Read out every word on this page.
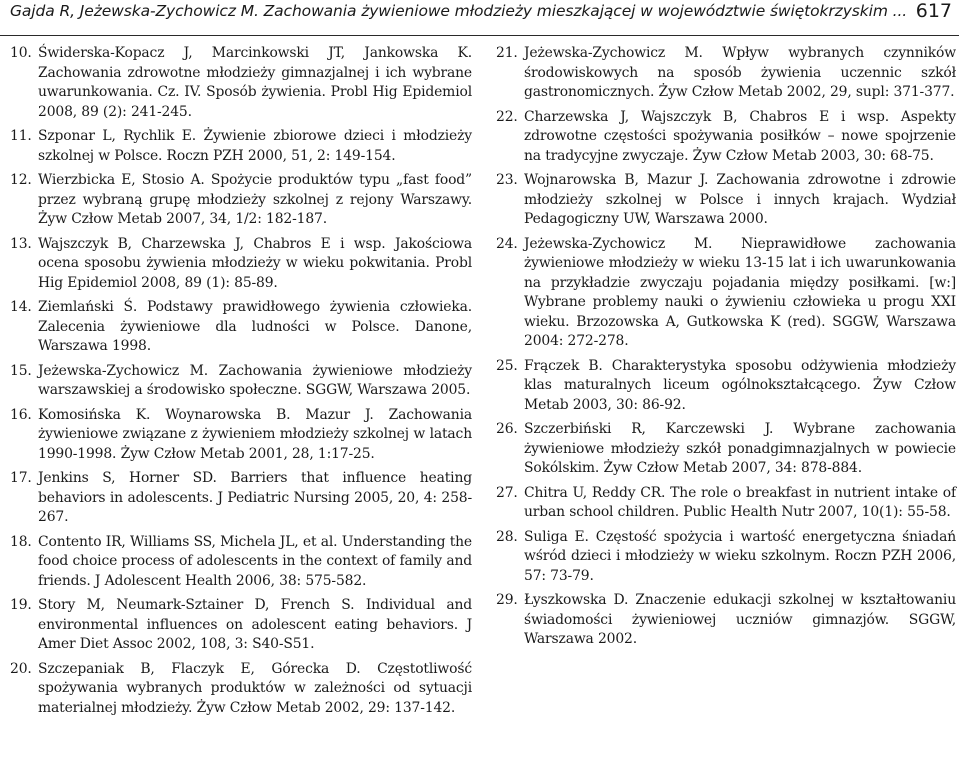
Gajda R, Jeżewska-Zychowicz M. Zachowania żywieniowe młodzieży mieszkającej w województwie świętokrzyskim ... 617
10. Świderska-Kopacz J, Marcinkowski JT, Jankowska K. Zachowania zdrowotne młodzieży gimnazjalnej i ich wybrane uwarunkowania. Cz. IV. Sposób żywienia. Probl Hig Epidemiol 2008, 89 (2): 241-245.
11. Szponar L, Rychlik E. Żywienie zbiorowe dzieci i młodzieży szkolnej w Polsce. Roczn PZH 2000, 51, 2: 149-154.
12. Wierzbicka E, Stosio A. Spożycie produktów typu „fast food” przez wybraną grupę młodzieży szkolnej z rejony Warszawy. Żyw Człow Metab 2007, 34, 1/2: 182-187.
13. Wajszczyk B, Charzewska J, Chabros E i wsp. Jakościowa ocena sposobu żywienia młodzieży w wieku pokwitania. Probl Hig Epidemiol 2008, 89 (1): 85-89.
14. Ziemlański Ś. Podstawy prawidłowego żywienia człowieka. Zalecenia żywieniowe dla ludności w Polsce. Danone, Warszawa 1998.
15. Jeżewska-Zychowicz M. Zachowania żywieniowe młodzieży warszawskiej a środowisko społeczne. SGGW, Warszawa 2005.
16. Komosińska K. Woynarowska B. Mazur J. Zachowania żywieniowe związane z żywieniem młodzieży szkolnej w latach 1990-1998. Żyw Człow Metab 2001, 28, 1:17-25.
17. Jenkins S, Horner SD. Barriers that influence heating behaviors in adolescents. J Pediatric Nursing 2005, 20, 4: 258-267.
18. Contento IR, Williams SS, Michela JL, et al. Understanding the food choice process of adolescents in the context of family and friends. J Adolescent Health 2006, 38: 575-582.
19. Story M, Neumark-Sztainer D, French S. Individual and environmental influences on adolescent eating behaviors. J Amer Diet Assoc 2002, 108, 3: S40-S51.
20. Szczepaniak B, Flaczyk E, Górecka D. Częstotliwość spożywania wybranych produktów w zależności od sytuacji materialnej młodzieży. Żyw Człow Metab 2002, 29: 137-142.
21. Jeżewska-Zychowicz M. Wpływ wybranych czynników środowiskowych na sposób żywienia uczennic szkół gastronomicznych. Żyw Człow Metab 2002, 29, supl: 371-377.
22. Charzewska J, Wajszczyk B, Chabros E i wsp. Aspekty zdrowotne częstości spożywania posiłków – nowe spojrzenie na tradycyjne zwyczaje. Żyw Człow Metab 2003, 30: 68-75.
23. Wojnarowska B, Mazur J. Zachowania zdrowotne i zdrowie młodzieży szkolnej w Polsce i innych krajach. Wydział Pedagogiczny UW, Warszawa 2000.
24. Jeżewska-Zychowicz M. Nieprawidłowe zachowania żywieniowe młodzieży w wieku 13-15 lat i ich uwarunkowania na przykładzie zwyczaju pojadania między posiłkami. [w:] Wybrane problemy nauki o żywieniu człowieka u progu XXI wieku. Brzozowska A, Gutkowska K (red). SGGW, Warszawa 2004: 272-278.
25. Frączek B. Charakterystyka sposobu odżywienia młodzieży klas maturalnych liceum ogólnokształcącego. Żyw Człow Metab 2003, 30: 86-92.
26. Szczerbiński R, Karczewski J. Wybrane zachowania żywieniowe młodzieży szkół ponadgimnazjalnych w powiecie Sokólskim. Żyw Człow Metab 2007, 34: 878-884.
27. Chitra U, Reddy CR. The role o breakfast in nutrient intake of urban school children. Public Health Nutr 2007, 10(1): 55-58.
28. Suliga E. Częstość spożycia i wartość energetyczna śniadań wśród dzieci i młodzieży w wieku szkolnym. Roczn PZH 2006, 57: 73-79.
29. Łyszkowska D. Znaczenie edukacji szkolnej w kształtowaniu świadomości żywieniowej uczniów gimnazjów. SGGW, Warszawa 2002.
